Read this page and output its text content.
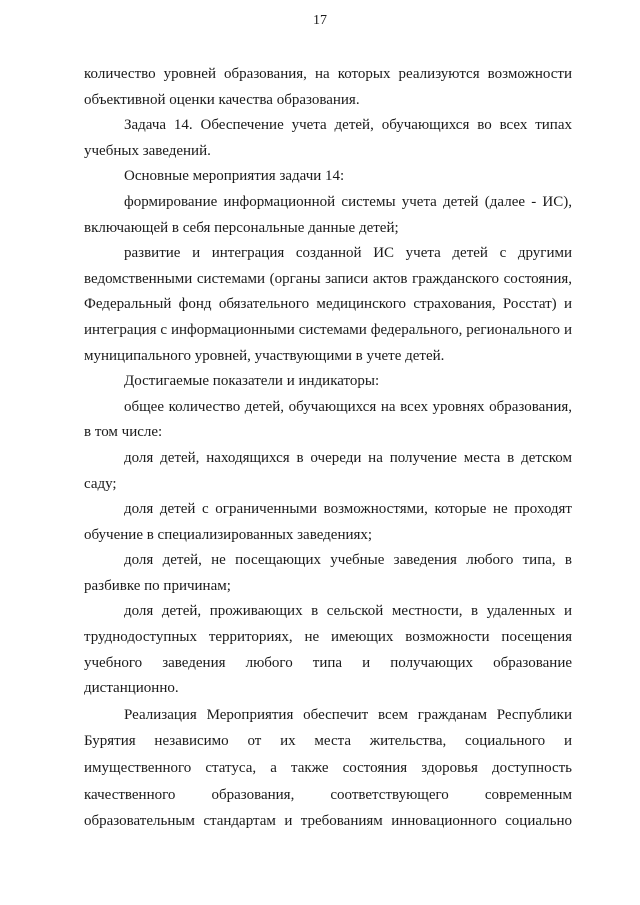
17

количество уровней образования, на которых реализуются возможности объективной оценки качества образования.

Задача 14. Обеспечение учета детей, обучающихся во всех типах учебных заведений.

Основные мероприятия задачи 14:

формирование информационной системы учета детей (далее - ИС), включающей в себя персональные данные детей;

развитие и интеграция созданной ИС учета детей с другими ведомственными системами (органы записи актов гражданского состояния, Федеральный фонд обязательного медицинского страхования, Росстат) и интеграция с информационными системами федерального, регионального и муниципального уровней, участвующими в учете детей.

Достигаемые показатели и индикаторы:

общее количество детей, обучающихся на всех уровнях образования, в том числе:

доля детей, находящихся в очереди на получение места в детском саду;

доля детей с ограниченными возможностями, которые не проходят обучение в специализированных заведениях;

доля детей, не посещающих учебные заведения любого типа, в разбивке по причинам;

доля детей, проживающих в сельской местности, в удаленных и труднодоступных территориях, не имеющих возможности посещения учебного заведения любого типа и получающих образование дистанционно.

Реализация Мероприятия обеспечит всем гражданам Республики Бурятия независимо от их места жительства, социального и имущественного статуса, а также состояния здоровья доступность качественного образования, соответствующего современным образовательным стандартам и требованиям инновационного социально
